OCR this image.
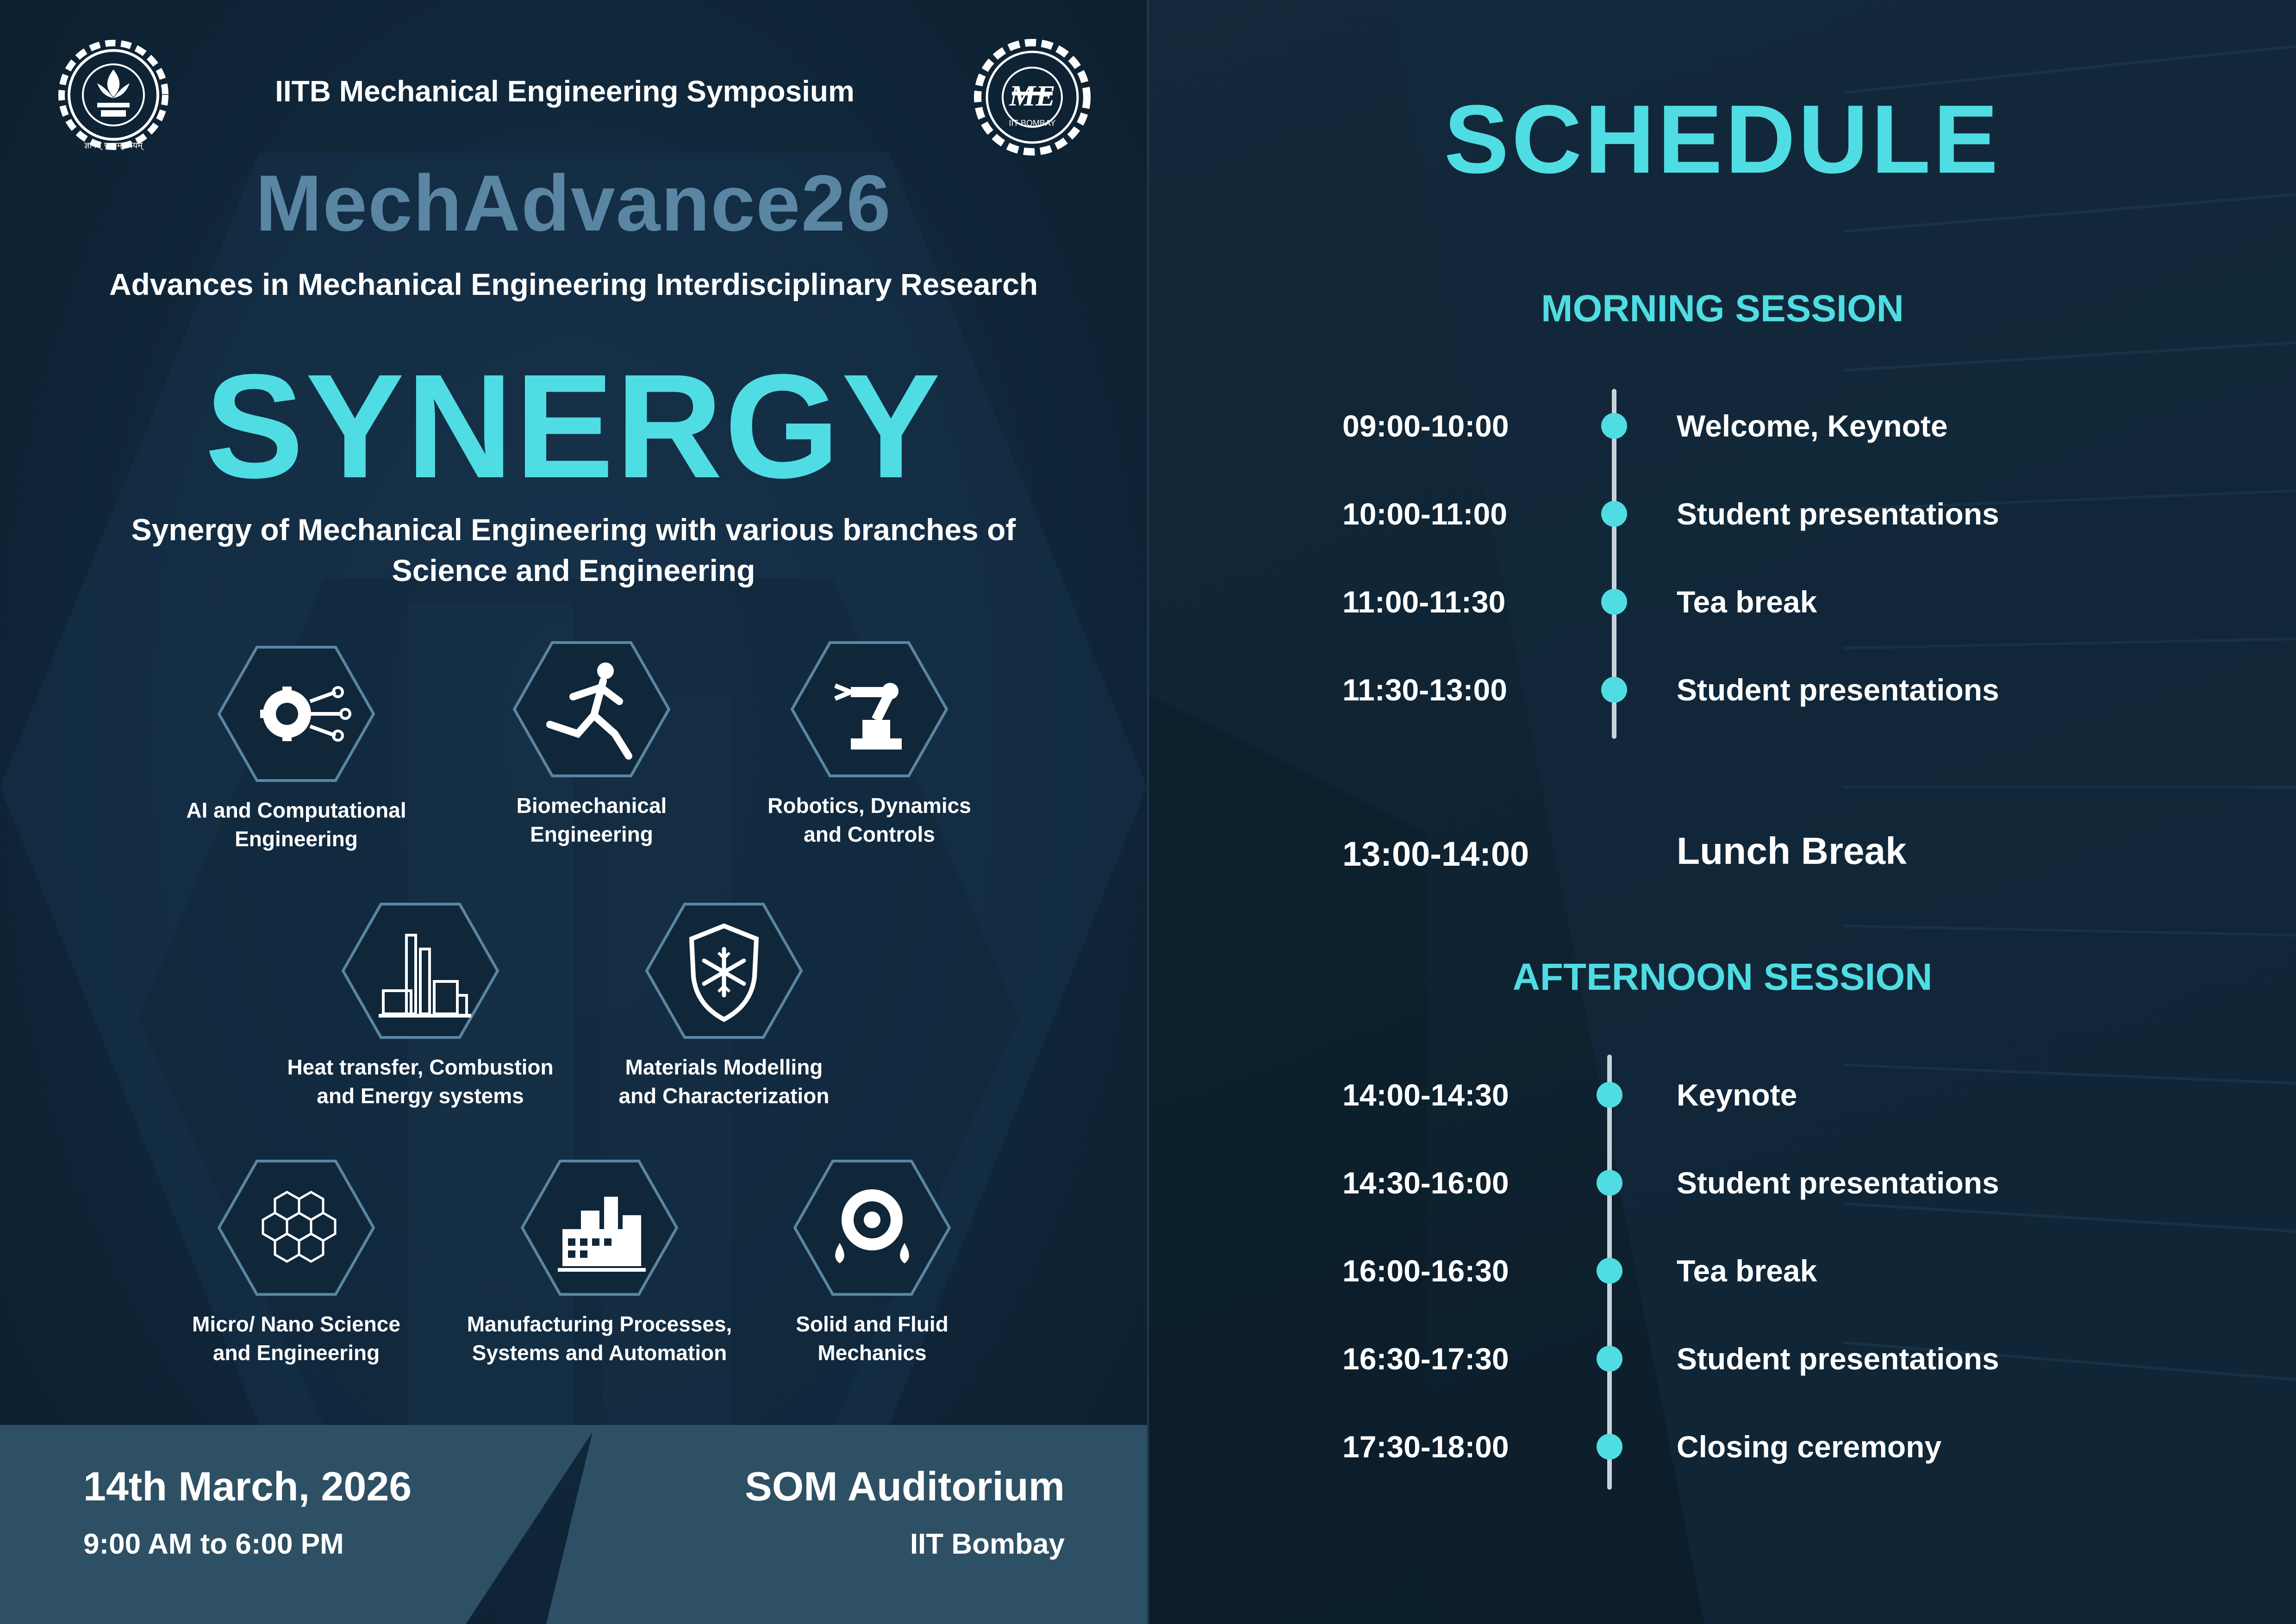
ज्ञानम् परमम् ध्येयम्
ME
IIT BOMBAY
IITB Mechanical Engineering Symposium
MechAdvance26
Advances in Mechanical Engineering Interdisciplinary Research
SYNERGY
Synergy of Mechanical Engineering with various branches of
Science and Engineering
AI and Computational
Engineering
Biomechanical
Engineering
Robotics, Dynamics
and Controls
Heat transfer, Combustion
and Energy systems
Materials Modelling
and Characterization
Micro/ Nano Science
and Engineering
Manufacturing Processes,
Systems and Automation
Solid and Fluid
Mechanics
14th March, 2026
9:00 AM to 6:00 PM
SOM Auditorium
IIT Bombay
SCHEDULE
MORNING SESSION
09:00-10:00	Welcome, Keynote
10:00-11:00	Student presentations
11:00-11:30	Tea break
11:30-13:00	Student presentations
13:00-14:00	Lunch Break
AFTERNOON SESSION
14:00-14:30	Keynote
14:30-16:00	Student presentations
16:00-16:30	Tea break
16:30-17:30	Student presentations
17:30-18:00	Closing ceremony
